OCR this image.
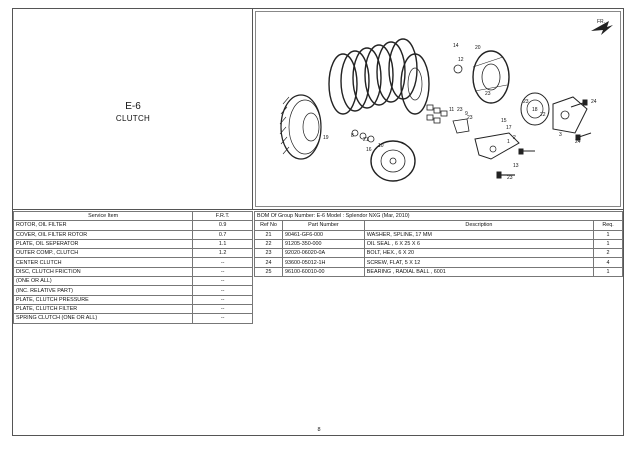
E-6
CLUTCH
FR.
14
12
20
11
23
18
22
24
15
17
2
1
3
24
23
9
10
8
19
16
21
13
23
23
23
Service Item	F.R.T.
ROTOR, OIL FILTER	0.9
COVER, OIL FILTER ROTOR	0.7
PLATE, OIL SEPERATOR	1.1
OUTER COMP., CLUTCH	1.2
CENTER CLUTCH	--
DISC, CLUTCH FRICTION	--
(ONE OR ALL)	--
(INC. RELATIVE PART)	--
PLATE, CLUTCH PRESSURE	--
PLATE, CLUTCH FILTER	--
SPRING CLUTCH (ONE OR ALL)	--
BOM Of Group Number: E-6 Model : Splendor NXG (Mar, 2010)			
Ref No	Part Number	Description	Req.
21	90461-GF6-000	WASHER, SPLINE, 17 MM	1
22	91205-350-000	OIL SEAL , 6 X 25 X 6	1
23	92020-06020-0A	BOLT, HEX., 6 X 20	2
24	93600-05012-1H	SCREW, FLAT, 5 X 12	4
25	96100-60010-00	BEARING , RADIAL BALL , 6001	1
8
